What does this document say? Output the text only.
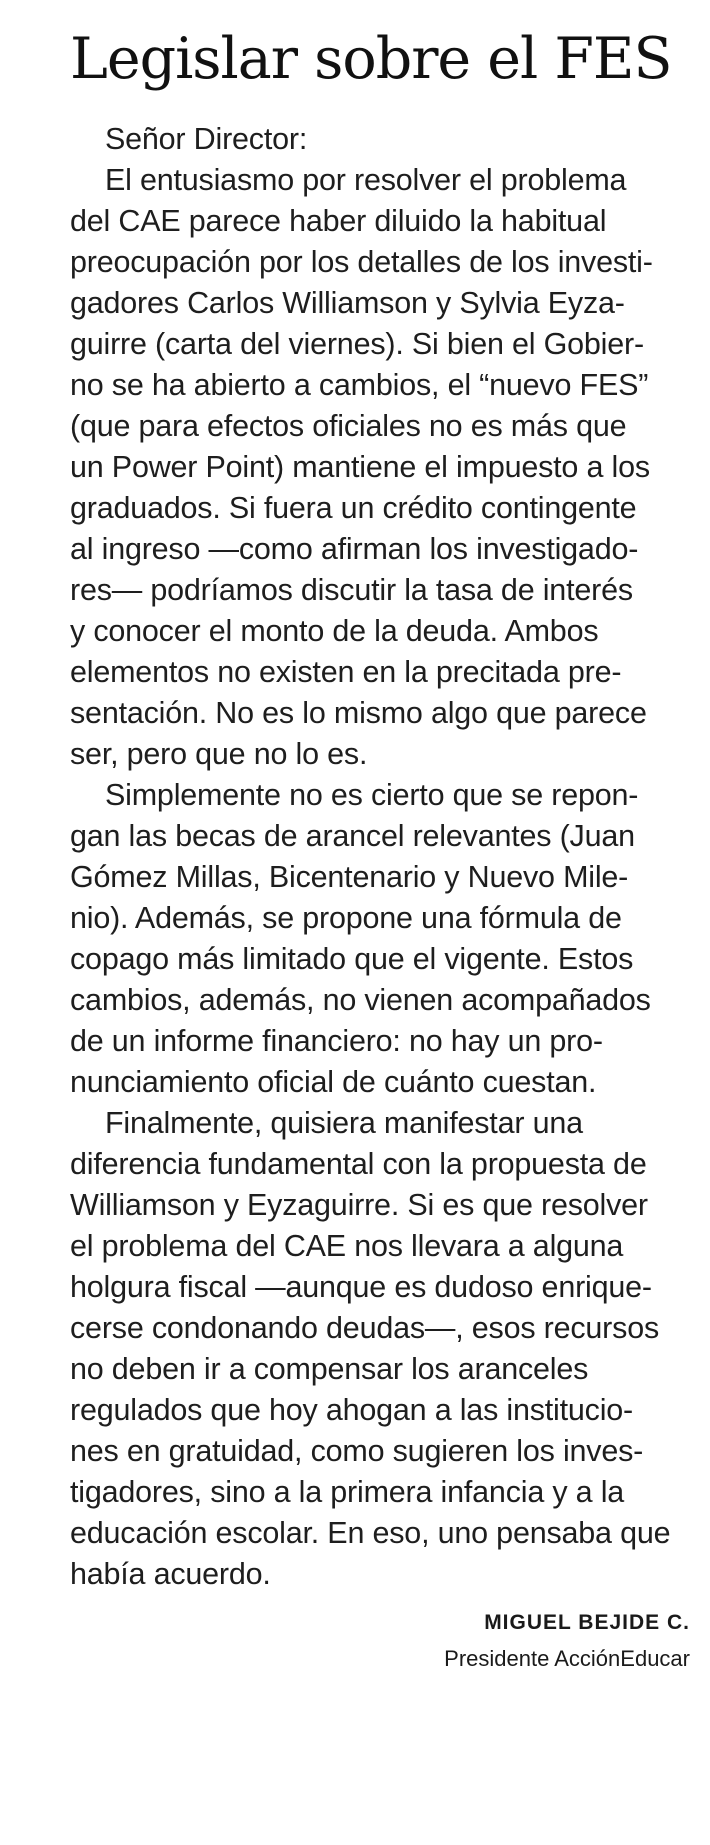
Legislar sobre el FES

Señor Director:

El entusiasmo por resolver el problema
del CAE parece haber diluido la habitual
preocupación por los detalles de los investi-
gadores Carlos Williamson y Sylvia Eyza-
guirre (carta del viernes). Si bien el Gobier-
no se ha abierto a cambios, el “nuevo FES”
(que para efectos oficiales no es más que
un Power Point) mantiene el impuesto a los
graduados. Si fuera un crédito contingente
al ingreso —como afirman los investigado-
res— podríamos discutir la tasa de interés
y conocer el monto de la deuda. Ambos
elementos no existen en la precitada pre-
sentación. No es lo mismo algo que parece
ser, pero que no lo es.

Simplemente no es cierto que se repon-
gan las becas de arancel relevantes (Juan
Gómez Millas, Bicentenario y Nuevo Mile-
nio). Además, se propone una fórmula de
copago más limitado que el vigente. Estos
cambios, además, no vienen acompañados
de un informe financiero: no hay un pro-
nunciamiento oficial de cuánto cuestan.

Finalmente, quisiera manifestar una
diferencia fundamental con la propuesta de
Williamson y Eyzaguirre. Si es que resolver
el problema del CAE nos llevara a alguna
holgura fiscal —aunque es dudoso enrique-
cerse condonando deudas—, esos recursos
no deben ir a compensar los aranceles
regulados que hoy ahogan a las institucio-
nes en gratuidad, como sugieren los inves-
tigadores, sino a la primera infancia y a la
educación escolar. En eso, uno pensaba que
había acuerdo.

MIGUEL BEJIDE C.
Presidente AcciónEducar
